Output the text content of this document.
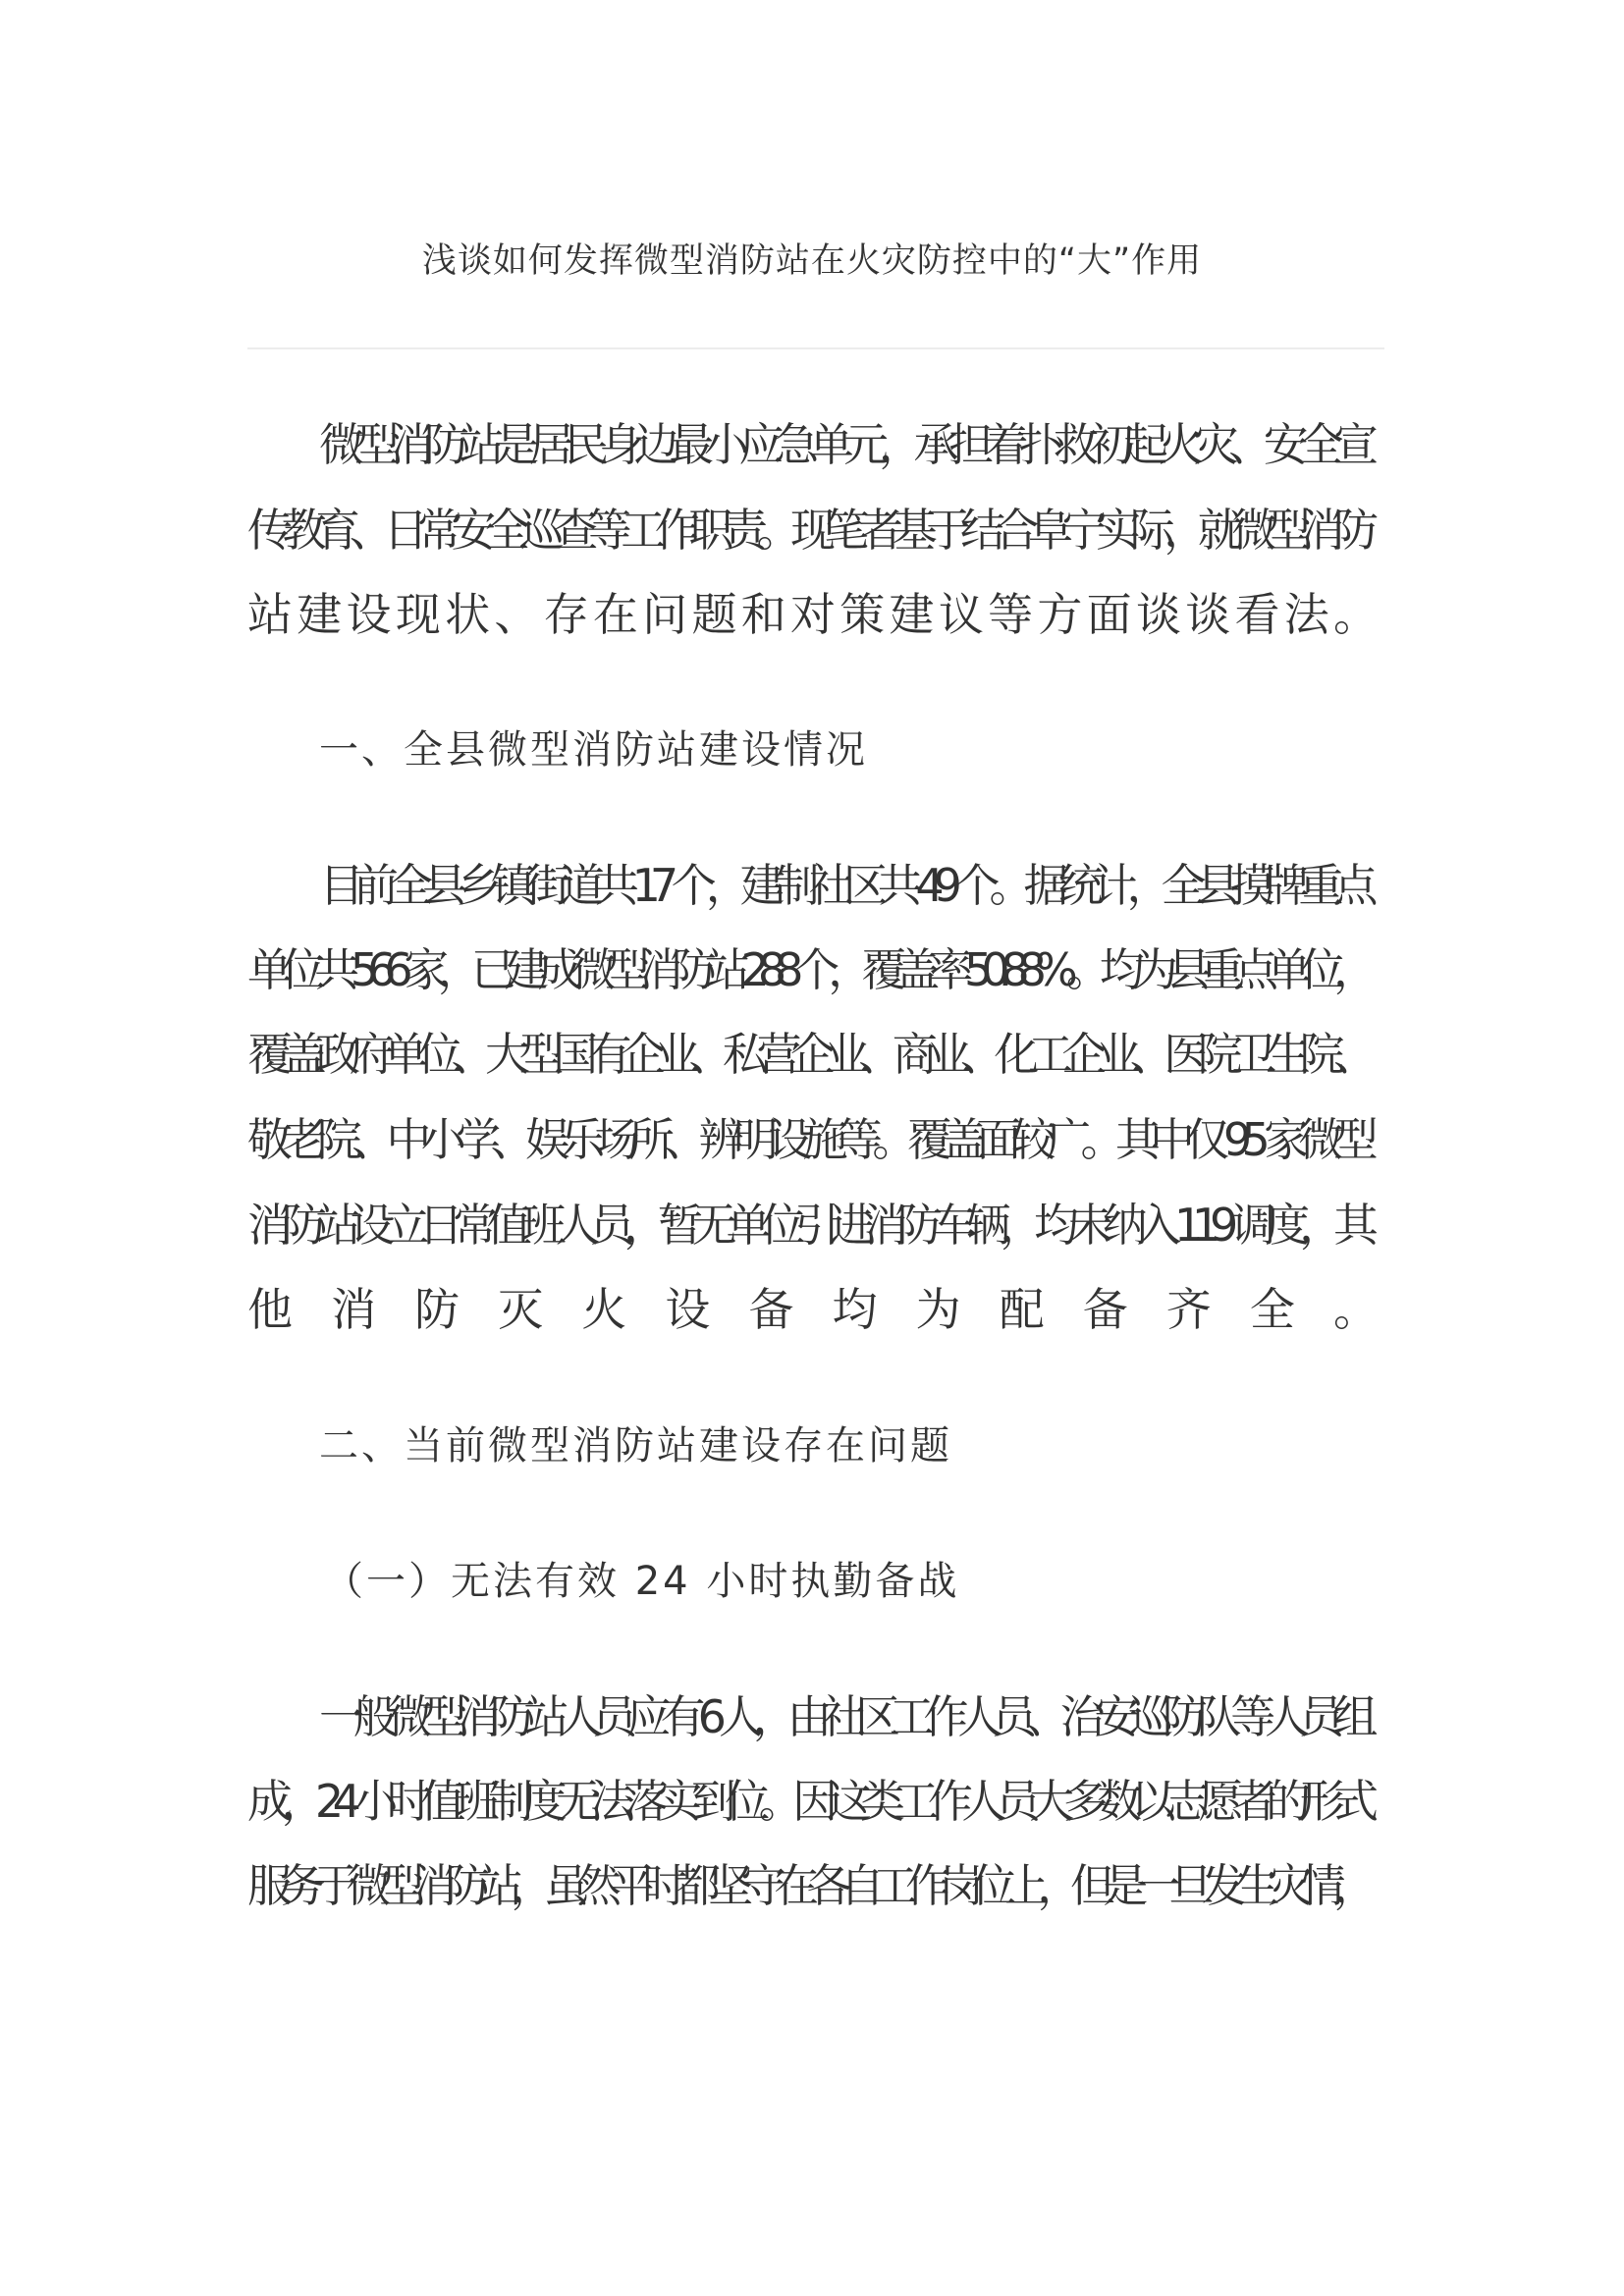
浅谈如何发挥微型消防站在火灾防控中的“大”作用
微型消防站是居民身边最小应急单元，承担着扑救初起火灾、安全宣
传教育、日常安全巡查等工作职责。现笔者基于结合阜宁实际，就微型消防
站建设现状、存在问题和对策建议等方面谈谈看法。
一、全县微型消防站建设情况
目前全县乡镇街道共 17 个，建制社区共 49 个。据统计，全县摸牌重点
单位共 566 家，已建成微型消防站 288 个，覆盖率 50.88%。均为县重点单位，
覆盖政府单位、大型国有企业、私营企业、商业、化工企业、医院卫生院、
敬老院、中小学、娱乐场所、辨明设施等。覆盖面较广。其中仅 95 家微型
消防站设立日常值班人员，暂无单位引进消防车辆，均未纳入 119 调度，其
他消防灭火设备均为配备齐全。
二、当前微型消防站建设存在问题
（一）无法有效 24 小时执勤备战
一般微型消防站人员应有 6 人，由社区工作人员、治安巡防队等人员组
成，24 小时值班制度无法落实到位。因这类工作人员大多数以志愿者的形式
服务于微型消防站，虽然平时都坚守在各自工作岗位上，但是一旦发生灾情，
